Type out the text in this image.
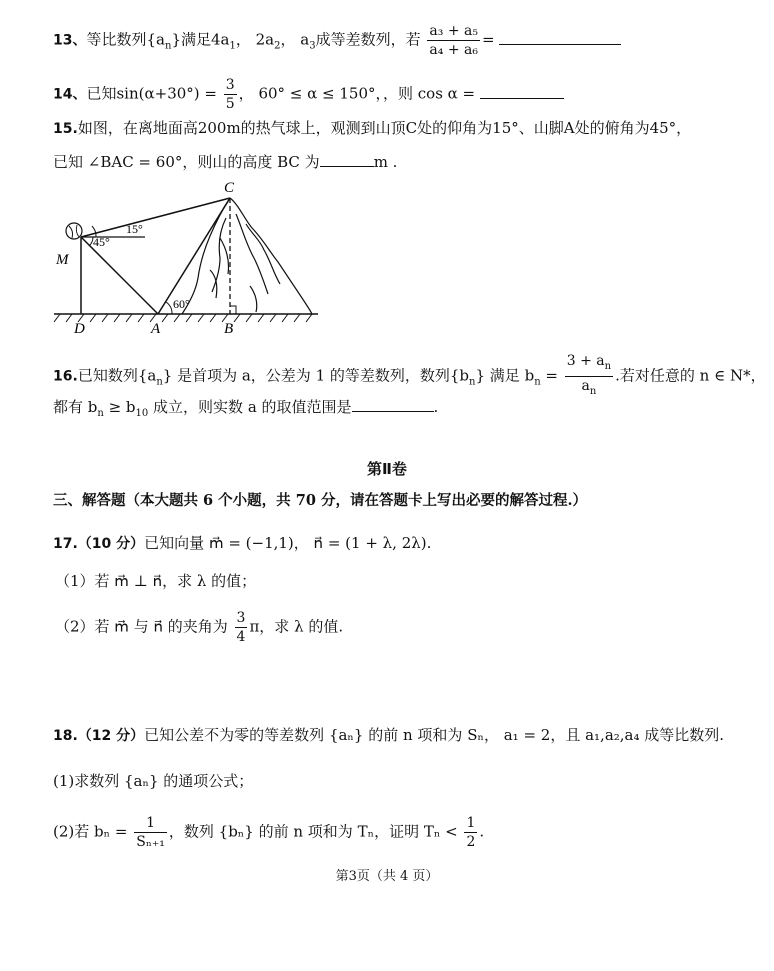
13、等比数列$\{a_n\}$满足$4a_1$， $2a_2$， $a_3$成等差数列，若 $\frac{\text{a₃ + a₅}}{\text{a₄ + a₆}}$ =
14、已知$\sin(\alpha+30^\circ) = \frac{3}{5}$ ， 60° ≤ α ≤ 150°，，则 cos α =
15.如图，在离地面高200m的热气球上，观测到山顶C处的仰角为15°、山脚A处的俯角为45°，
已知 ∠BAC = 60°，则山的高度 BC 为	m .
C
M
D	A	B
15°
45°
60°
16.已知数列$\{a_n\}$ 是首项为 a，公差为 1 的等差数列，数列$\{b_n\}$ 满足 $b_n = \frac{3 + a_n}{a_n}$ .若对任意的 n ∈ N*，
都有 $b_n \ge b_{10}$ 成立，则实数 a 的取值范围是	.
第Ⅱ卷
三、解答题（本大题共 6 个小题，共 70 分，请在答题卡上写出必要的解答过程.）
17.（10 分）已知向量 m⃗ = (−1,1)， n⃗ = (1 + λ, 2λ).
（1）若 m⃗ ⊥ n⃗，求 λ 的值；
（2）若 m⃗ 与 n⃗ 的夹角为 $\frac{3}{4}$ π，求 λ 的值.
18.（12 分）已知公差不为零的等差数列 {aₙ} 的前 n 项和为 Sₙ， a₁ = 2，且 a₁,a₂,a₄ 成等比数列.
(1)求数列 {aₙ} 的通项公式；
(2)若 $b_n = \frac{1}{\text{Sₙ₊₁}}$ ，数列 {bₙ} 的前 n 项和为 Tₙ，证明 $T_n < \frac{1}{2}$ .
第3页（共 4 页）
